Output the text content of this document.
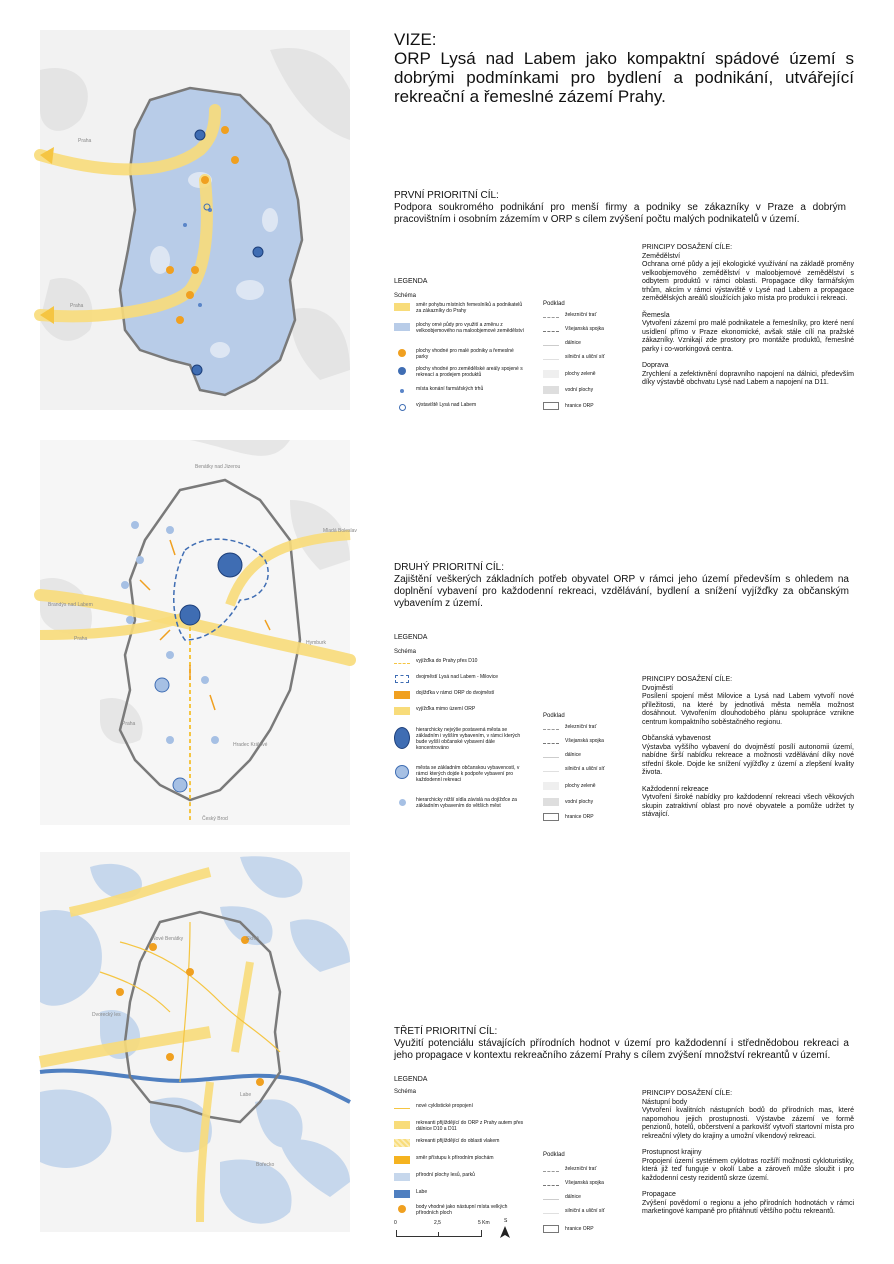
VIZE:
ORP Lysá nad Labem jako kompaktní spádové území s dobrými podmínkami pro bydlení a podnikání, utvářející rekreační a řemeslné zázemí Prahy.
Praha
Praha

PRVNÍ PRIORITNÍ CÍL:

Podpora soukromého podnikání pro menší firmy a podniky se zákazníky v Praze a dobrým pracovištním i osobním zázemím v ORP s cílem zvýšení počtu malých podnikatelů v území.

LEGENDA

Schéma

směr pohybu místních řemeslníků a podnikatelů za zákazníky do Prahy
plochy orné půdy pro využití a změnu z velkoobjemového na maloobjemové zemědělství
plochy vhodné pro malé podniky a řemeslné parky
plochy vhodné pro zemědělské areály spojené s rekreací a prodejem produktů
místa konání farmářských trhů
výstaviště Lysá nad Labem
Podklad
železniční trať
Všejanská spojka
dálnice
silniční a uliční síť
plochy zeleně
vodní plochy
hranice ORP

PRINCIPY DOSAŽENÍ CÍLE:

Zemědělství

Ochrana orné půdy a její ekologické využívání na základě proměny velkoobjemového zemědělství v maloobjemové zemědělství s odbytem produktů v rámci oblasti. Propagace díky farmářským trhům, akcím v rámci výstaviště v Lysé nad Labem a propagace zemědělských areálů sloužících jako místa pro produkci i rekreaci.

Řemesla

Vytvoření zázemí pro malé podnikatele a řemeslníky, pro které není usídlení přímo v Praze ekonomické, avšak stále cílí na pražské zákazníky. Vznikají zde prostory pro montáže produktů, řemeslné parky i co-workingová centra.

Doprava

Zrychlení a zefektivnění dopravního napojení na dálnici, především díky výstavbě obchvatu Lysé nad Labem a napojení na D11.

Benátky nad Jizerou
Mladá Boleslav
Brandýs nad Labem
Praha
Hymburk
Praha
Hradec Králové
Český Brod

DRUHÝ PRIORITNÍ CÍL:

Zajištění veškerých základních potřeb obyvatel ORP v rámci jeho území především s ohledem na doplnění vybavení pro každodenní rekreaci, vzdělávání, bydlení a snížení vyjížďky za občanským vybavením z území.

LEGENDA

Schéma

vyjížďka do Prahy přes D10
dvojměstí Lysá nad Labem - Milovice
dojížďka v rámci ORP do dvojměstí
vyjížďka mimo území ORP
hierarchicky nejvýše postavená města se základním i vyšším vybavením, v rámci kterých bude vyšší občanské vybavení dále koncentrováno
města se základním občanskou vybaveností, v rámci kterých dojde k podpoře vybavení pro každodenní rekreaci
hierarchicky nižší sídla závislá na dojížďce za základním vybavením do větších měst
Podklad
železniční trať
Všejanská spojka
dálnice
silniční a uliční síť
plochy zeleně
vodní plochy
hranice ORP

PRINCIPY DOSAŽENÍ CÍLE:

Dvojměstí

Posílení spojení měst Milovice a Lysá nad Labem vytvoří nové příležitosti, na které by jednotlivá města neměla možnost dosáhnout. Vytvořením dlouhodobého plánu spolupráce vznikne centrum kompaktního soběstačného regionu.

Občanská vybavenost

Výstavba vyššího vybavení do dvojměstí posílí autonomii území, nabídne širší nabídku rekreace a možnosti vzdělávání díky nové střední škole. Dojde ke snížení vyjížďky z území a zlepšení kvality života.

Každodenní rekreace

Vytvoření široké nabídky pro každodenní rekreaci všech věkových skupin zatraktivní oblast pro nové obyvatele a pomůže udržet ty stávající.

Nové Benátky	Skřeň
Dvorecký les
Labe
Bořecko

TŘETÍ PRIORITNÍ CÍL:

Využití potenciálu stávajících přírodních hodnot v území pro každodenní i střednědobou rekreaci a jeho propagace v kontextu rekreačního zázemí Prahy s cílem zvýšení množství rekreantů v území.

LEGENDA

Schéma

nové cyklistické propojení
rekreanti přijíždějící do ORP z Prahy autem přes dálnice D10 a D11
rekreanti přijíždějící do oblasti vlakem
směr přístupu k přírodním plochám
přírodní plochy lesů, parků
Labe
body vhodné jako nástupní místa velkých přírodních ploch
0	2,5	5 Km	S
Podklad
železniční trať
Všejanská spojka
dálnice
silniční a uliční síť
hranice ORP

PRINCIPY DOSAŽENÍ CÍLE:

Nástupní body

Vytvoření kvalitních nástupních bodů do přírodních mas, které napomohou jejich prostupnosti. Výstavbe zázemí ve formě penzionů, hotelů, občerstvení a parkovišť vytvoří startovní místa pro rekreační výlety do krajiny a umožní víkendový rekreaci.

Prostupnost krajiny

Propojení území systémem cyklotras rozšíří možnosti cykloturistiky, která již teď funguje v okolí Labe a zároveň může sloužit i pro každodenní cesty rezidentů skrze území.

Propagace

Zvýšení povědomí o regionu a jeho přírodních hodnotách v rámci marketingové kampaně pro přitáhnutí většího počtu rekreantů.
